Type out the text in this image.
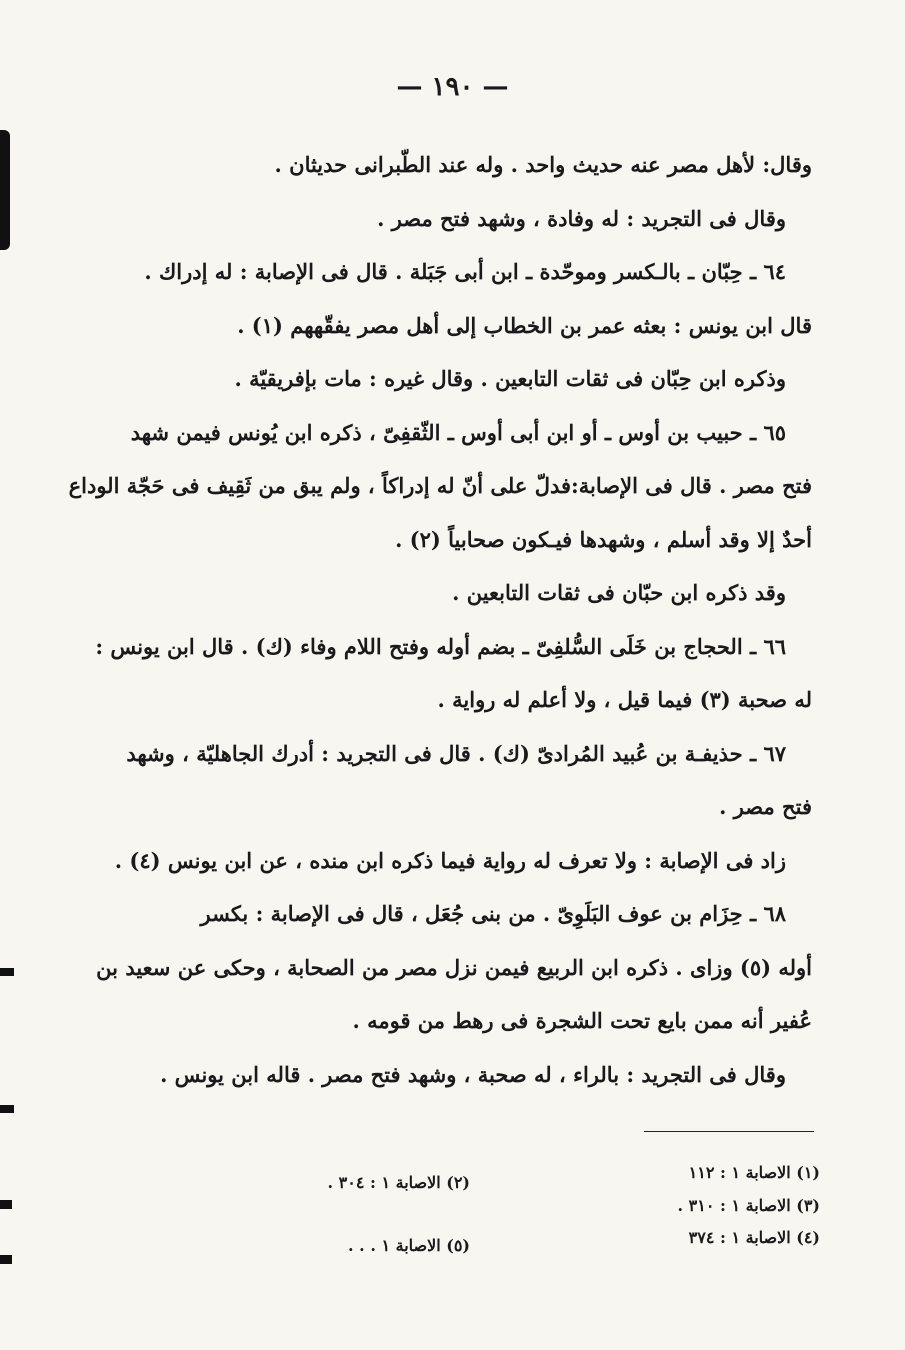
— ١٩٠ —

وقال: لأهل مصر عنه حديث واحد . وله عند الطّبرانى حديثان .

وقال فى التجريد : له وفادة ، وشهد فتح مصر .

٦٤ ـ حِبّان ـ بالـكسر وموحّدة ـ ابن أبى جَبَلة . قال فى الإصابة : له إدراك .

قال ابن يونس : بعثه عمر بن الخطاب إلى أهل مصر يفقّههم (١) .

وذكره ابن حِبّان فى ثقات التابعين . وقال غيره : مات بإفريقيّة .

٦٥ ـ حبيب بن أوس ـ أو ابن أبى أوس ـ الثّقفِىّ ، ذكره ابن يُونس فيمن شهد

فتح مصر . قال فى الإصابة:فدلّ على أنّ له إدراكاً ، ولم يبق من ثَقِيف فى حَجّة الوداع

أحدٌ إلا وقد أسلم ، وشهدها فيـكون صحابياً (٢) .

وقد ذكره ابن حبّان فى ثقات التابعين .

٦٦ ـ الحجاج بن خَلَى السُّلفِىّ ـ بضم أوله وفتح اللام وفاء (ك) . قال ابن يونس :

له صحبة (٣) فيما قيل ، ولا أعلم له رواية .

٦٧ ـ حذيفـة بن عُبيد المُرادىّ (ك) . قال فى التجريد : أدرك الجاهليّة ، وشهد

فتح مصر .

زاد فى الإصابة : ولا تعرف له رواية فيما ذكره ابن منده ، عن ابن يونس (٤) .

٦٨ ـ حِزَام بن عوف البَلَوِىّ . من بنى جُعَل ، قال فى الإصابة : بكسر

أوله (٥) وزاى . ذكره ابن الربيع فيمن نزل مصر من الصحابة ، وحكى عن سعيد بن

عُفير أنه ممن بايع تحت الشجرة فى رهط من قومه .

وقال فى التجريد : بالراء ، له صحبة ، وشهد فتح مصر . قاله ابن يونس .

(١) الاصابة ١ : ١١٢
(٢) الاصابة ١ : ٣٠٤ .
(٣) الاصابة ١ : ٣١٠ .
(٤) الاصابة ١ : ٣٧٤
(٥) الاصابة ١ . . .
